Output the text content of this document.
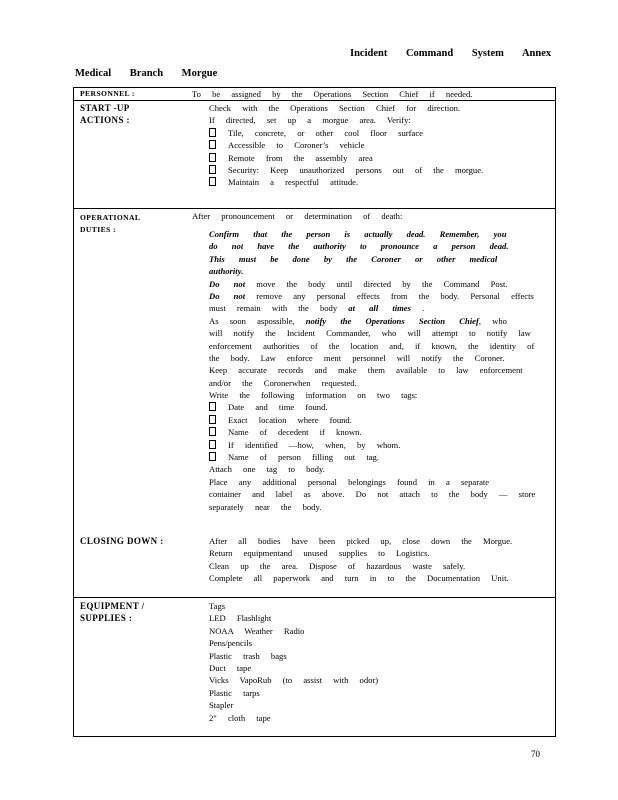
Incident Command System Annex
Medical Branch Morgue
PERSONNEL :	To be assigned by the Operations Section Chief if needed.
START -UP
ACTIONS :
Check with the Operations Section Chief for direction.
If directed, set up a morgue area. Verify:
Tile, concrete, or other cool floor surface
Accessible to Coroner’s vehicle
Remote from the assembly area
Security: Keep unauthorized persons out of the morgue.
Maintain a respectful attitude.
OPERATIONAL
DUTIES :
After pronouncement or determination of death:
Confirm that the person is actually dead. Remember, you
do not have the authority to pronounce a person dead.
This must be done by the Coroner or other medical
authority.
Do not move the body until directed by the Command Post.
Do not remove any personal effects from the body. Personal effects
must remain with the body at all times .
As soon aspossible, notify the Operations Section Chief, who
will notify the Incident Commander, who will attempt to notify law
enforcement authorities of the location and, if known, the identity of
the body. Law enforce ment personnel will notify the Coroner.
Keep accurate records and make them available to law enforcement
and/or the Coronerwhen requested.
Write the following information on two tags:
Date and time found.
Exact location where found.
Name of decedent if known.
If identified —how, when, by whom.
Name of person filling out tag.
Attach one tag to body.
Place any additional personal belongings found in a separate
container and label as above. Do not attach to the body — store
separately near the body.
CLOSING DOWN :	After all bodies have been picked up, close down the Morgue.
Return equipmentand unused supplies to Logistics.
Clean up the area. Dispose of hazardous waste safely.
Complete all paperwork and turn in to the Documentation Unit.
EQUIPMENT /
SUPPLIES :
Tags
LED Flashlight
NOAA Weather Radio
Pens/pencils
Plastic trash bags
Duct tape
Vicks VapoRub (to assist with odor)
Plastic tarps
Stapler
2" cloth tape
70
